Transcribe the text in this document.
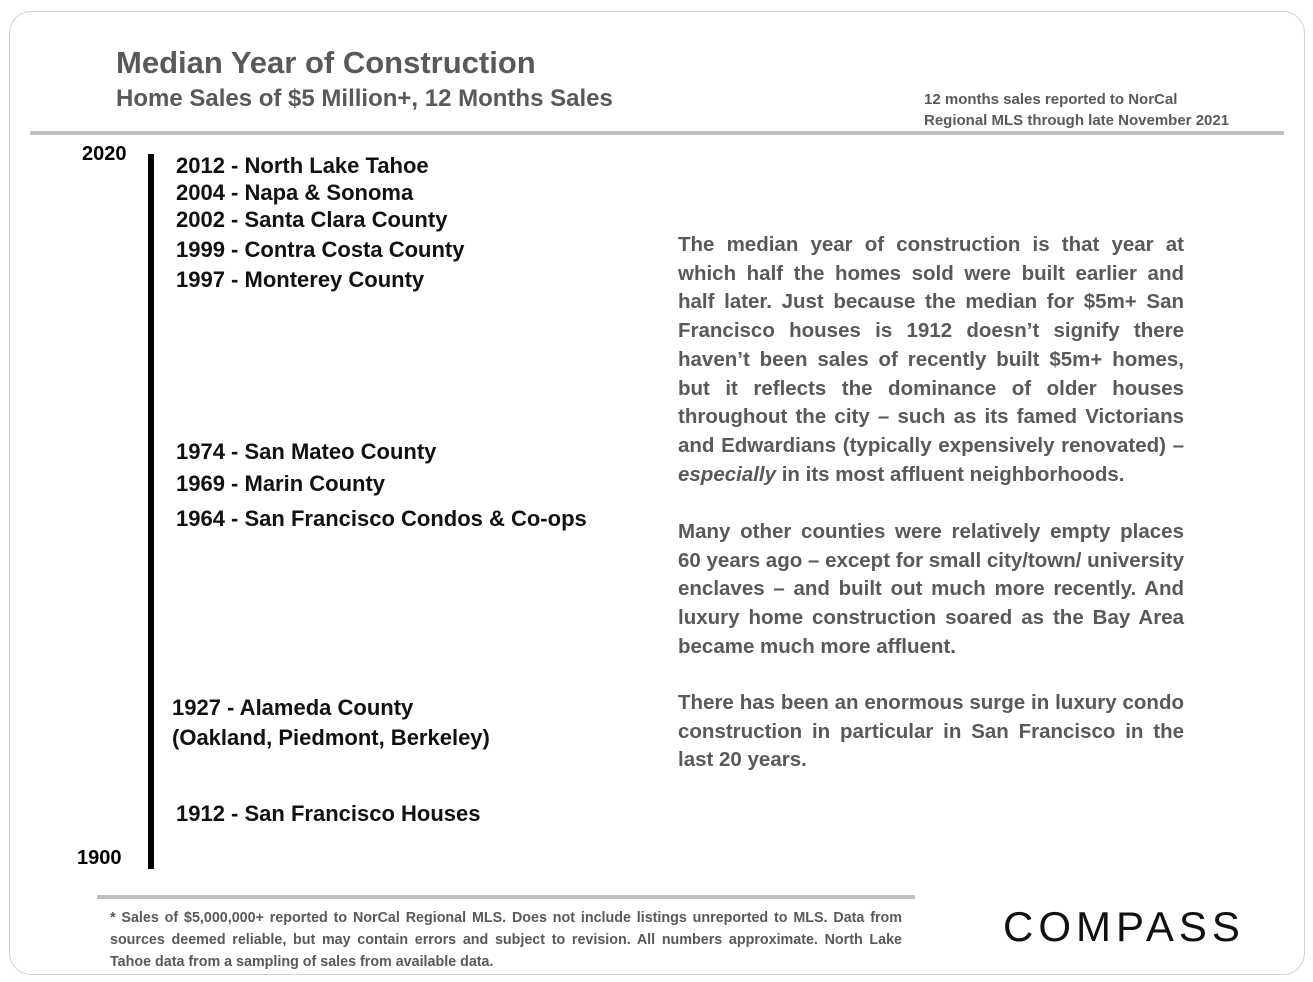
Median Year of Construction
Home Sales of $5 Million+, 12 Months Sales	12 months sales reported to NorCal
Regional MLS through late November 2021
2020
1900
2012 - North Lake Tahoe
2004 - Napa & Sonoma
2002 - Santa Clara County
1999 - Contra Costa County
1997 - Monterey County
1974 - San Mateo County
1969 - Marin County
1964 - San Francisco Condos & Co-ops
1927 - Alameda County
(Oakland, Piedmont, Berkeley)
1912 - San Francisco Houses
The median year of construction is that year at which half the homes sold were built earlier and half later. Just because the median for $5m+ San Francisco houses is 1912 doesn’t signify there haven’t been sales of recently built $5m+ homes, but it reflects the dominance of older houses throughout the city – such as its famed Victorians and Edwardians (typically expensively renovated) – especially in its most affluent neighborhoods.
Many other counties were relatively empty places 60 years ago – except for small city/town/ university enclaves – and built out much more recently. And luxury home construction soared as the Bay Area became much more affluent.
There has been an enormous surge in luxury condo construction in particular in San Francisco in the last 20 years.
* Sales of $5,000,000+ reported to NorCal Regional MLS. Does not include listings unreported to MLS. Data from sources deemed reliable, but may contain errors and subject to revision. All numbers approximate. North Lake Tahoe data from a sampling of sales from available data.
COMPASS
